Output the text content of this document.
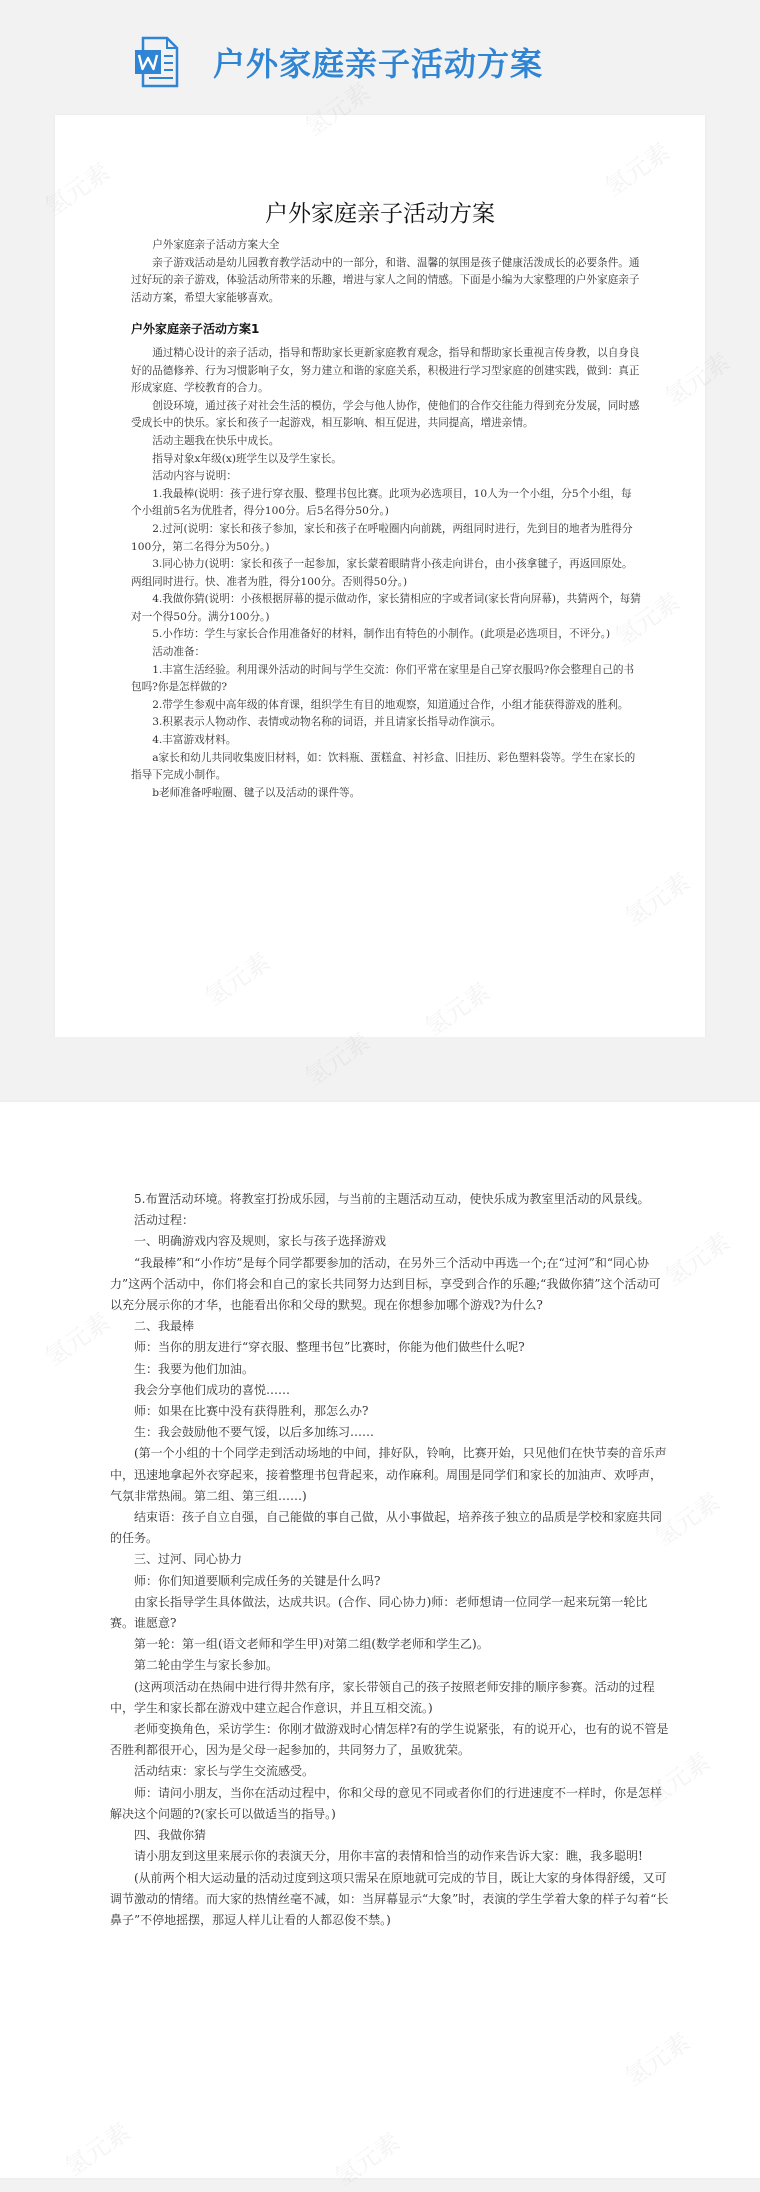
户外家庭亲子活动方案
户外家庭亲子活动方案

户外家庭亲子活动方案大全

亲子游戏活动是幼儿园教育教学活动中的一部分，和谐、温馨的氛围是孩子健康活泼成长的必要条件。通过好玩的亲子游戏，体验活动所带来的乐趣，增进与家人之间的情感。下面是小编为大家整理的户外家庭亲子活动方案，希望大家能够喜欢。

户外家庭亲子活动方案1

通过精心设计的亲子活动，指导和帮助家长更新家庭教育观念，指导和帮助家长重视言传身教，以自身良好的品德修养、行为习惯影响子女，努力建立和谐的家庭关系，积极进行学习型家庭的创建实践，做到：真正形成家庭、学校教育的合力。

创设环境，通过孩子对社会生活的模仿，学会与他人协作，使他们的合作交往能力得到充分发展，同时感受成长中的快乐。家长和孩子一起游戏，相互影响、相互促进，共同提高，增进亲情。

活动主题我在快乐中成长。

指导对象x年级(x)班学生以及学生家长。

活动内容与说明：

1.我最棒(说明：孩子进行穿衣服、整理书包比赛。此项为必选项目，10人为一个小组，分5个小组，每个小组前5名为优胜者，得分100分。后5名得分50分。)

2.过河(说明：家长和孩子参加，家长和孩子在呼啦圈内向前跳，两组同时进行，先到目的地者为胜得分100分，第二名得分为50分。)

3.同心协力(说明：家长和孩子一起参加，家长蒙着眼睛背小孩走向讲台，由小孩拿毽子，再返回原处。两组同时进行。快、准者为胜，得分100分。否则得50分。)

4.我做你猜(说明：小孩根据屏幕的提示做动作，家长猜相应的字或者词(家长背向屏幕)，共猜两个，每猜对一个得50分。满分100分。)

5.小作坊：学生与家长合作用准备好的材料，制作出有特色的小制作。(此项是必选项目，不评分。)

活动准备：

1.丰富生活经验。利用课外活动的时间与学生交流：你们平常在家里是自己穿衣服吗?你会整理自己的书包吗?你是怎样做的?

2.带学生参观中高年级的体育课，组织学生有目的地观察，知道通过合作，小组才能获得游戏的胜利。

3.积累表示人物动作、表情或动物名称的词语，并且请家长指导动作演示。

4.丰富游戏材料。

a家长和幼儿共同收集废旧材料，如：饮料瓶、蛋糕盒、衬衫盒、旧挂历、彩色塑料袋等。学生在家长的指导下完成小制作。

b老师准备呼啦圈、毽子以及活动的课件等。

5.布置活动环境。将教室打扮成乐园，与当前的主题活动互动，使快乐成为教室里活动的风景线。

活动过程：

一、明确游戏内容及规则，家长与孩子选择游戏

“我最棒”和“小作坊”是每个同学都要参加的活动，在另外三个活动中再选一个;在“过河”和“同心协力”这两个活动中，你们将会和自己的家长共同努力达到目标，享受到合作的乐趣;“我做你猜”这个活动可以充分展示你的才华，也能看出你和父母的默契。现在你想参加哪个游戏?为什么?

二、我最棒

师：当你的朋友进行“穿衣服、整理书包”比赛时，你能为他们做些什么呢?

生：我要为他们加油。

我会分享他们成功的喜悦……

师：如果在比赛中没有获得胜利，那怎么办?

生：我会鼓励他不要气馁，以后多加练习……

(第一个小组的十个同学走到活动场地的中间，排好队，铃响，比赛开始，只见他们在快节奏的音乐声中，迅速地拿起外衣穿起来，接着整理书包背起来，动作麻利。周围是同学们和家长的加油声、欢呼声，气氛非常热闹。第二组、第三组……)

结束语：孩子自立自强，自己能做的事自己做，从小事做起，培养孩子独立的品质是学校和家庭共同的任务。

三、过河、同心协力

师：你们知道要顺利完成任务的关键是什么吗?

由家长指导学生具体做法，达成共识。(合作、同心协力)师：老师想请一位同学一起来玩第一轮比赛。谁愿意?

第一轮：第一组(语文老师和学生甲)对第二组(数学老师和学生乙)。

第二轮由学生与家长参加。

(这两项活动在热闹中进行得井然有序，家长带领自己的孩子按照老师安排的顺序参赛。活动的过程中，学生和家长都在游戏中建立起合作意识，并且互相交流。)

老师变换角色，采访学生：你刚才做游戏时心情怎样?有的学生说紧张，有的说开心，也有的说不管是否胜利都很开心，因为是父母一起参加的，共同努力了，虽败犹荣。

活动结束：家长与学生交流感受。

师：请问小朋友，当你在活动过程中，你和父母的意见不同或者你们的行进速度不一样时，你是怎样解决这个问题的?(家长可以做适当的指导。)

四、我做你猜

请小朋友到这里来展示你的表演天分，用你丰富的表情和恰当的动作来告诉大家：瞧，我多聪明!

(从前两个相大运动量的活动过度到这项只需呆在原地就可完成的节目，既让大家的身体得舒缓，又可调节激动的情绪。而大家的热情丝毫不减，如：当屏幕显示“大象”时，表演的学生学着大象的样子勾着“长鼻子”不停地摇摆，那逗人样儿让看的人都忍俊不禁。)
